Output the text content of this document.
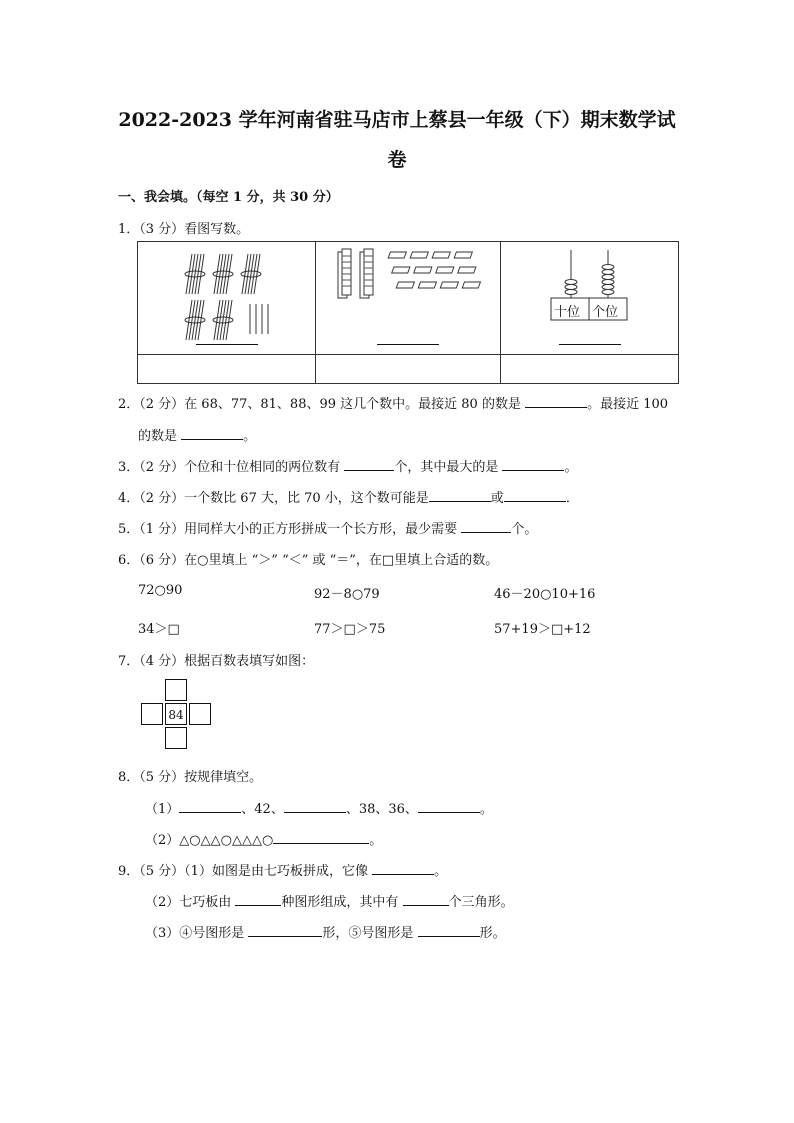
2022-2023 学年河南省驻马店市上蔡县一年级（下）期末数学试
卷
一、我会填。（每空 1 分，共 30 分）
1．（3 分）看图写数。

十位 个位

2．（2 分）在 68、77、81、88、99 这几个数中。最接近 80 的数是	。最接近 100
的数是	。
3．（2 分）个位和十位相同的两位数有	个，其中最大的是	。
4．（2 分）一个数比 67 大，比 70 小，这个数可能是	或	．
5．（1 分）用同样大小的正方形拼成一个长方形，最少需要	个。
6．（6 分）在○里填上 “＞” “＜” 或 “＝”，在□里填上合适的数。
72○90	92－8○79	46－20○10+16
34＞□	77＞□＞75	57+19＞□+12
7．（4 分）根据百数表填写如图：
84
8．（5 分）按规律填空。
（1）	、42、	、38、36、	。
（2）△○△△○△△△○	。
9．（5 分）（1）如图是由七巧板拼成，它像	。
（2）七巧板由	种图形组成，其中有	个三角形。
（3）④号图形是	形，⑤号图形是	形。
